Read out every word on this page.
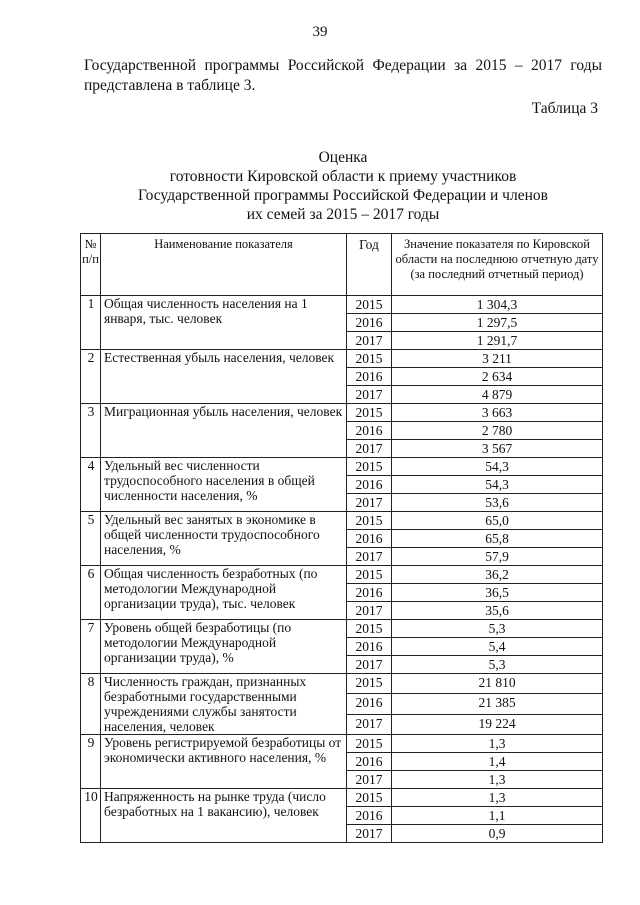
39
Государственной программы Российской Федерации за 2015 – 2017 годы представлена в таблице 3.
Таблица 3
Оценка
готовности Кировской области к приему участников
Государственной программы Российской Федерации и членов
их семей за 2015 – 2017 годы
№ п/п	Наименование показателя	Год	Значение показателя по Кировской области на последнюю отчетную дату (за последний отчетный период)
1	Общая численность населения на 1 января, тыс. человек	2015	1 304,3
		2016	1 297,5
		2017	1 291,7
2	Естественная убыль населения, человек	2015	3 211
		2016	2 634
		2017	4 879
3	Миграционная убыль населения, человек	2015	3 663
		2016	2 780
		2017	3 567
4	Удельный вес численности трудоспособного населения в общей численности населения, %	2015	54,3
		2016	54,3
		2017	53,6
5	Удельный вес занятых в экономике в общей численности трудоспособного населения, %	2015	65,0
		2016	65,8
		2017	57,9
6	Общая численность безработных (по методологии Международной организации труда), тыс. человек	2015	36,2
		2016	36,5
		2017	35,6
7	Уровень общей безработицы (по методологии Международной организации труда), %	2015	5,3
		2016	5,4
		2017	5,3
8	Численность граждан, признанных безработными государственными учреждениями службы занятости населения, человек	2015	21 810
		2016	21 385
		2017	19 224
9	Уровень регистрируемой безработицы от экономически активного населения, %	2015	1,3
		2016	1,4
		2017	1,3
10	Напряженность на рынке труда (число безработных на 1 вакансию), человек	2015	1,3
		2016	1,1
		2017	0,9
